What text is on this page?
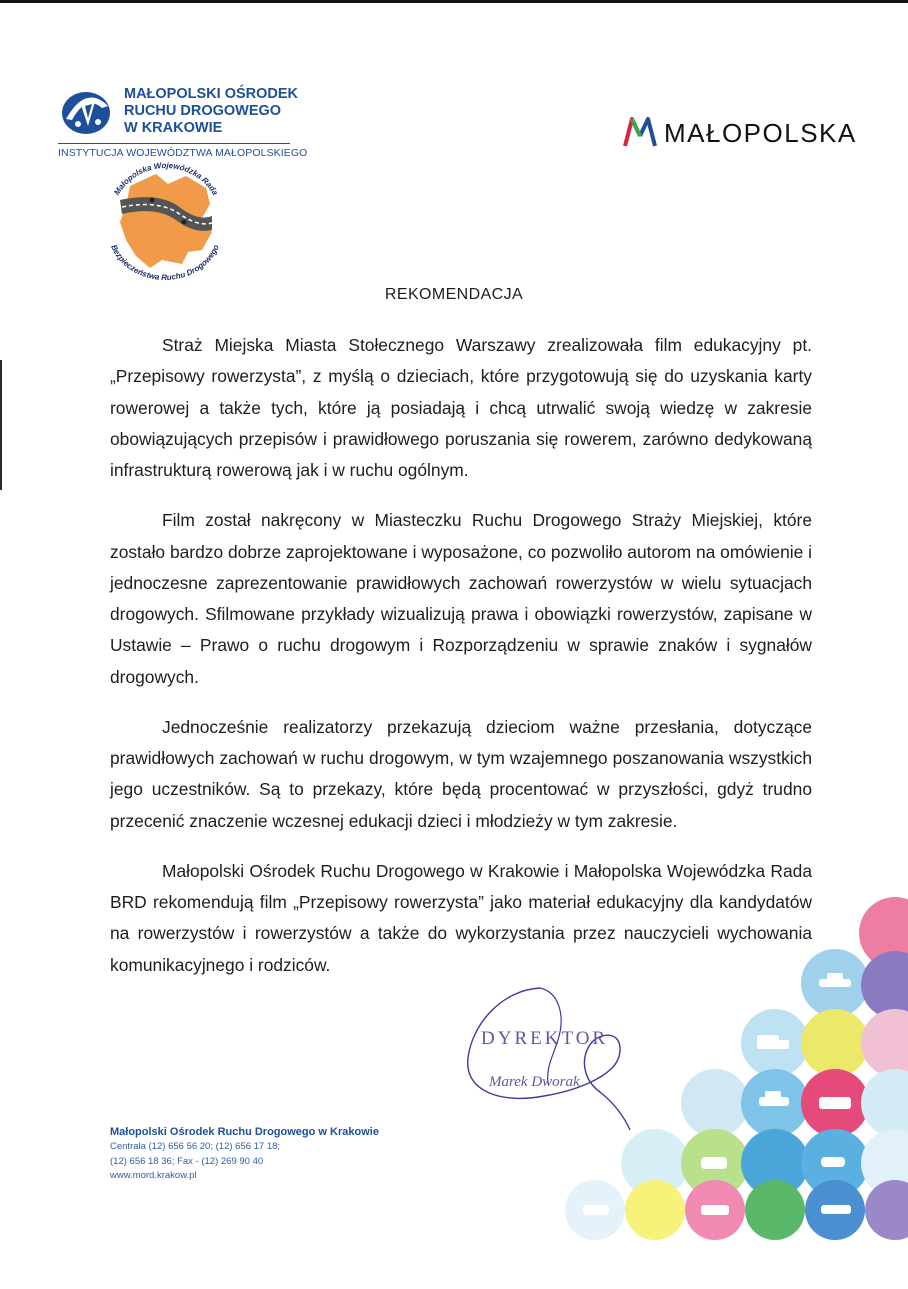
MAŁOPOLSKI OŚRODEK
RUCHU DROGOWEGO
W KRAKOWIE
INSTYTUCJA WOJEWÓDZTWA MAŁOPOLSKIEGO
MAŁOPOLSKA
Małopolska Wojewódzka Rada
Bezpieczeństwa Ruchu Drogowego
REKOMENDACJA

Straż Miejska Miasta Stołecznego Warszawy zrealizowała film edukacyjny pt. „Przepisowy rowerzysta”, z myślą o dzieciach, które przygotowują się do uzyskania karty rowerowej a także tych, które ją posiadają i chcą utrwalić swoją wiedzę w zakresie obowiązujących przepisów i prawidłowego poruszania się rowerem, zarówno dedykowaną infrastrukturą rowerową jak i w ruchu ogólnym.

Film został nakręcony w Miasteczku Ruchu Drogowego Straży Miejskiej, które zostało bardzo dobrze zaprojektowane i wyposażone, co pozwoliło autorom na omówienie i jednoczesne zaprezentowanie prawidłowych zachowań rowerzystów w wielu sytuacjach drogowych. Sfilmowane przykłady wizualizują prawa i obowiązki rowerzystów, zapisane w Ustawie – Prawo o ruchu drogowym i Rozporządzeniu w sprawie znaków i sygnałów drogowych.

Jednocześnie realizatorzy przekazują dzieciom ważne przesłania, dotyczące prawidłowych zachowań w ruchu drogowym, w tym wzajemnego poszanowania wszystkich jego uczestników. Są to przekazy, które będą procentować w przyszłości, gdyż trudno przecenić znaczenie wczesnej edukacji dzieci i młodzieży w tym zakresie.

Małopolski Ośrodek Ruchu Drogowego w Krakowie i Małopolska Wojewódzka Rada BRD rekomendują film „Przepisowy rowerzysta” jako materiał edukacyjny dla kandydatów na rowerzystów i rowerzystów a także do wykorzystania przez nauczycieli wychowania komunikacyjnego i rodziców.

DYREKTOR
Marek Dworak
Małopolski Ośrodek Ruchu Drogowego w Krakowie
Centrala (12) 656 56 20; (12) 656 17 18;
(12) 656 18 36; Fax - (12) 269 90 40
www.mord.krakow.pl
